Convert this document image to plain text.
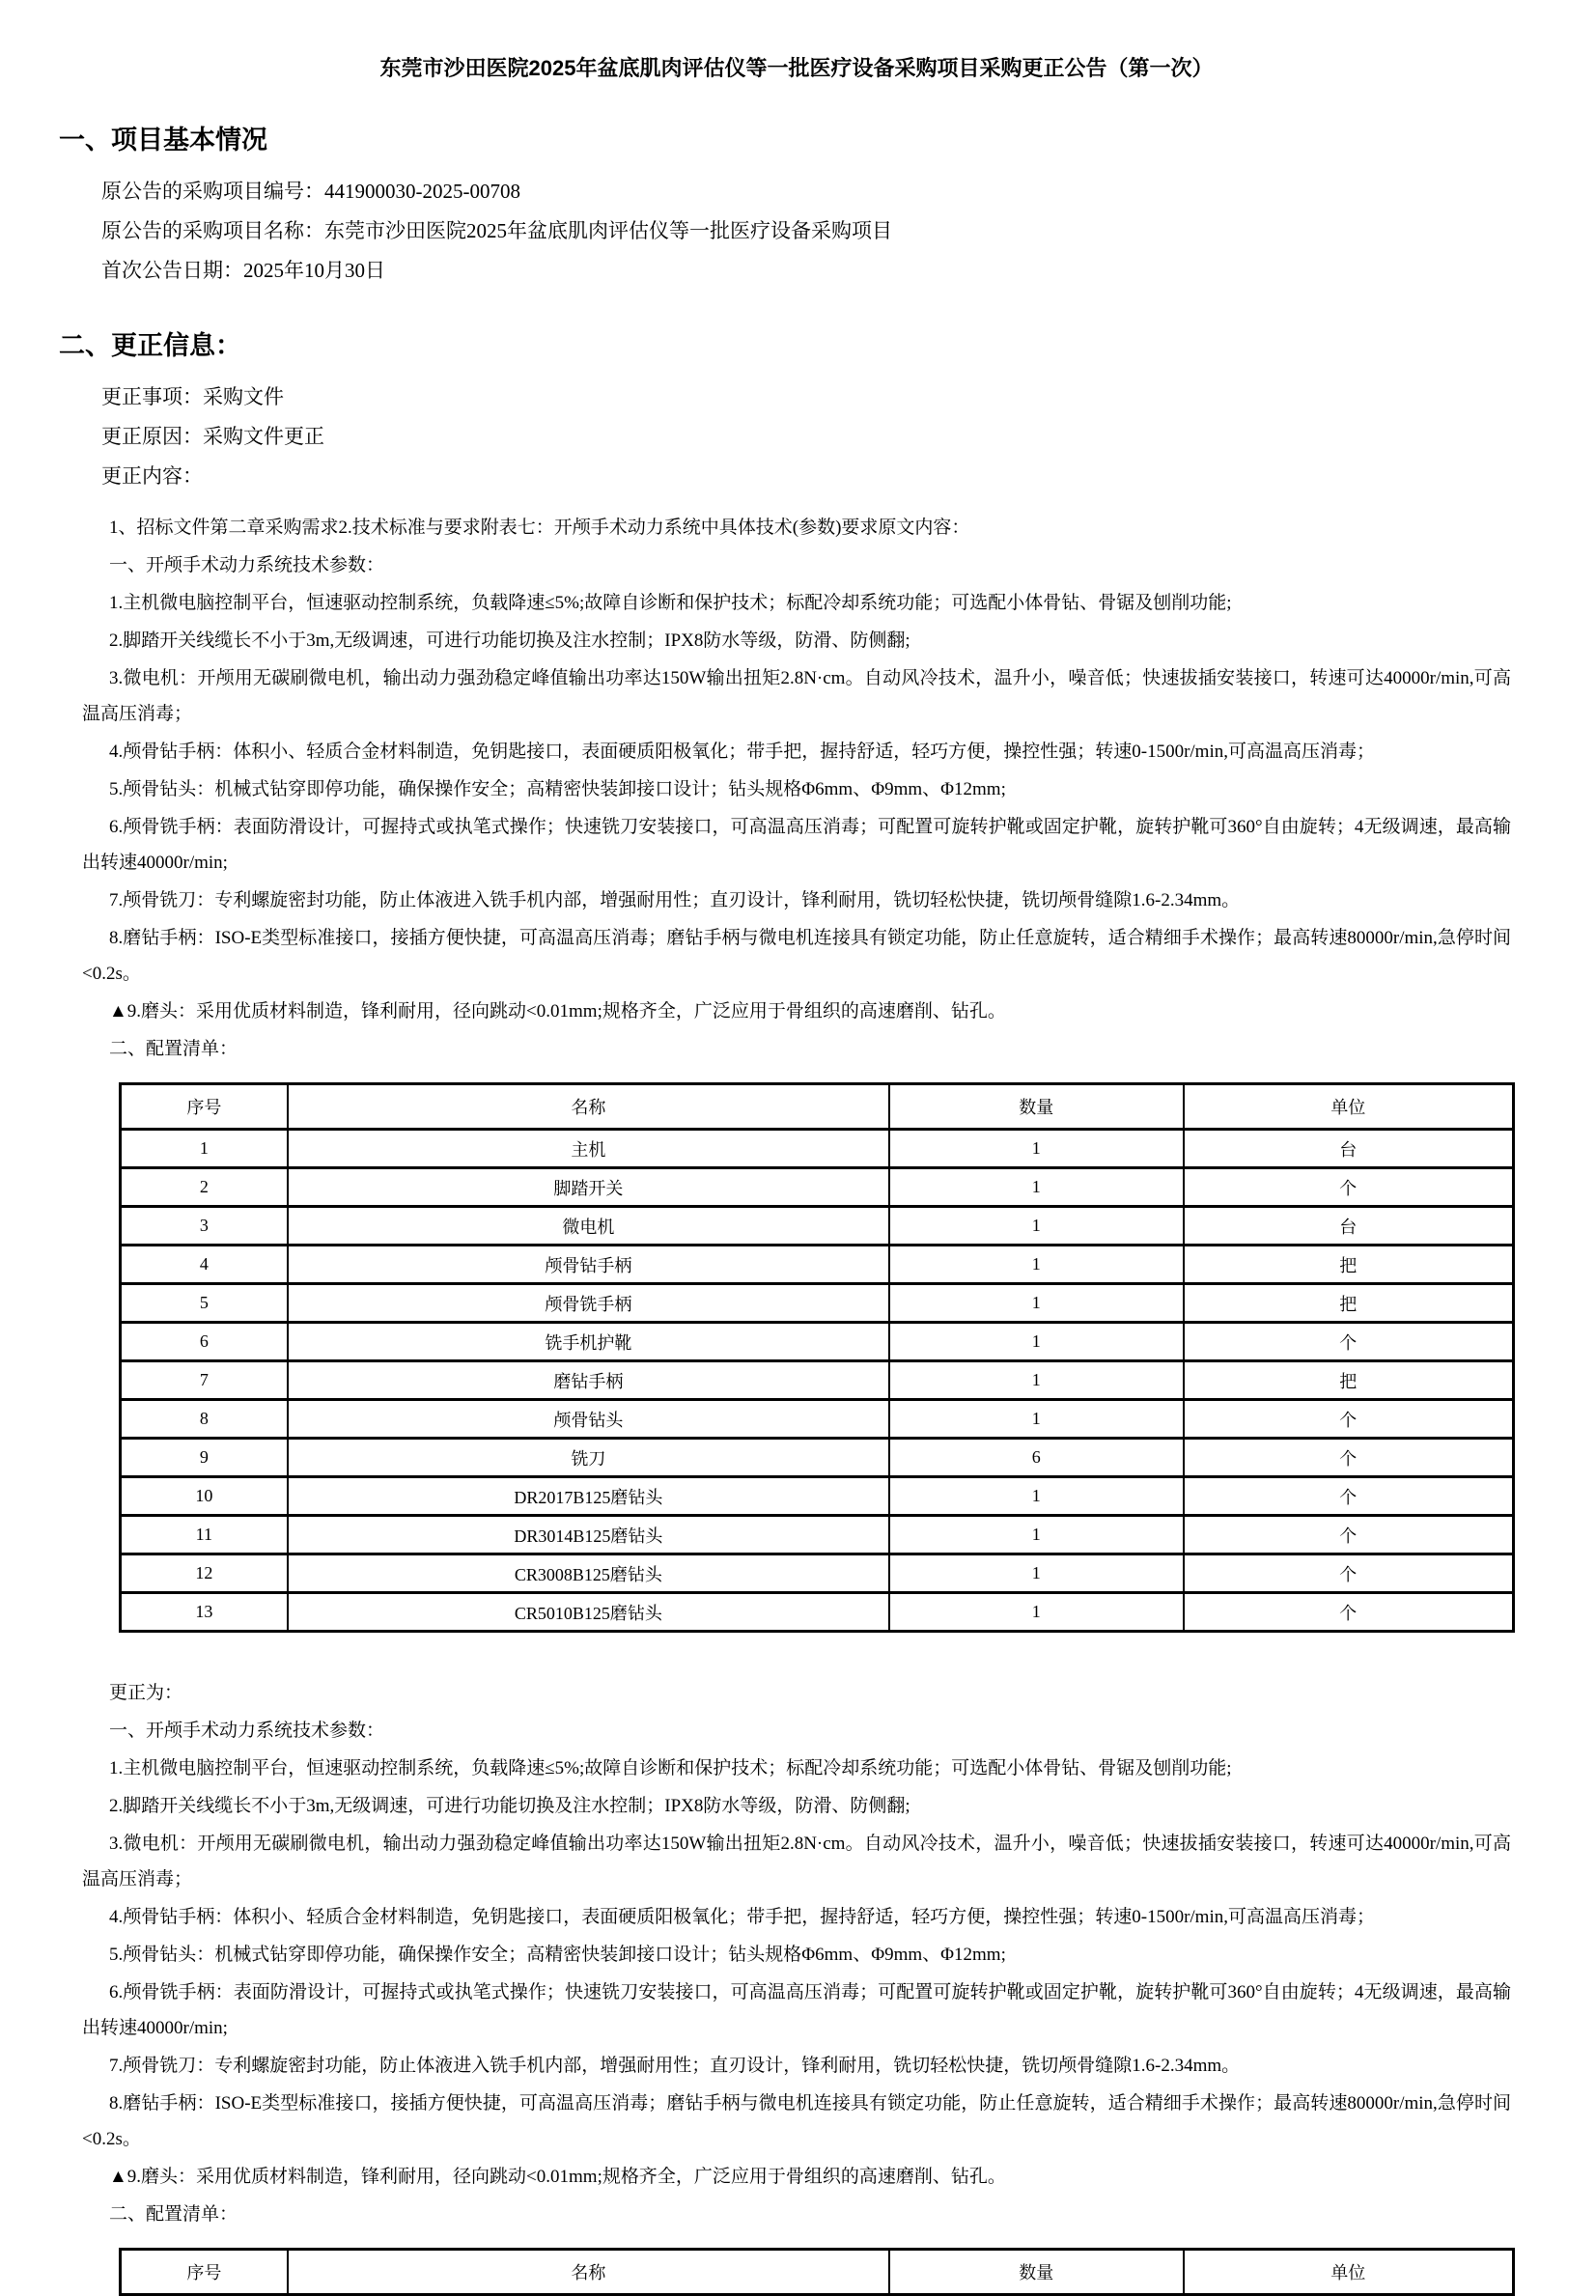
东莞市沙田医院2025年盆底肌肉评估仪等一批医疗设备采购项目采购更正公告（第一次）
一、项目基本情况

原公告的采购项目编号：441900030-2025-00708

原公告的采购项目名称：东莞市沙田医院2025年盆底肌肉评估仪等一批医疗设备采购项目

首次公告日期：2025年10月30日

二、更正信息：

更正事项：采购文件

更正原因：采购文件更正

更正内容：

1、招标文件第二章采购需求2.技术标准与要求附表七：开颅手术动力系统中具体技术(参数)要求原文内容：

一、开颅手术动力系统技术参数：

1.主机微电脑控制平台，恒速驱动控制系统，负载降速≤5%;故障自诊断和保护技术；标配冷却系统功能；可选配小体骨钻、骨锯及刨削功能;

2.脚踏开关线缆长不小于3m,无级调速，可进行功能切换及注水控制；IPX8防水等级，防滑、防侧翻;

3.微电机：开颅用无碳刷微电机，输出动力强劲稳定峰值输出功率达150W输出扭矩2.8N·cm。自动风冷技术，温升小，噪音低；快速拔插安装接口，转速可达40000r/min,可高温高压消毒；

4.颅骨钻手柄：体积小、轻质合金材料制造，免钥匙接口，表面硬质阳极氧化；带手把，握持舒适，轻巧方便，操控性强；转速0-1500r/min,可高温高压消毒；

5.颅骨钻头：机械式钻穿即停功能，确保操作安全；高精密快装卸接口设计；钻头规格Φ6mm、Φ9mm、Φ12mm;

6.颅骨铣手柄：表面防滑设计，可握持式或执笔式操作；快速铣刀安装接口，可高温高压消毒；可配置可旋转护靴或固定护靴，旋转护靴可360°自由旋转；4无级调速，最高输出转速40000r/min;

7.颅骨铣刀：专利螺旋密封功能，防止体液进入铣手机内部，增强耐用性；直刃设计，锋利耐用，铣切轻松快捷，铣切颅骨缝隙1.6-2.34mm。

8.磨钻手柄：ISO-E类型标准接口，接插方便快捷，可高温高压消毒；磨钻手柄与微电机连接具有锁定功能，防止任意旋转，适合精细手术操作；最高转速80000r/min,急停时间<0.2s。

▲9.磨头：采用优质材料制造，锋利耐用，径向跳动<0.01mm;规格齐全，广泛应用于骨组织的高速磨削、钻孔。

二、配置清单：

序号	名称	数量	单位
1	主机	1	台
2	脚踏开关	1	个
3	微电机	1	台
4	颅骨钻手柄	1	把
5	颅骨铣手柄	1	把
6	铣手机护靴	1	个
7	磨钻手柄	1	把
8	颅骨钻头	1	个
9	铣刀	6	个
10	DR2017B125磨钻头	1	个
11	DR3014B125磨钻头	1	个
12	CR3008B125磨钻头	1	个
13	CR5010B125磨钻头	1	个

更正为：

一、开颅手术动力系统技术参数：

1.主机微电脑控制平台，恒速驱动控制系统，负载降速≤5%;故障自诊断和保护技术；标配冷却系统功能；可选配小体骨钻、骨锯及刨削功能;

2.脚踏开关线缆长不小于3m,无级调速，可进行功能切换及注水控制；IPX8防水等级，防滑、防侧翻;

3.微电机：开颅用无碳刷微电机，输出动力强劲稳定峰值输出功率达150W输出扭矩2.8N·cm。自动风冷技术，温升小，噪音低；快速拔插安装接口，转速可达40000r/min,可高温高压消毒；

4.颅骨钻手柄：体积小、轻质合金材料制造，免钥匙接口，表面硬质阳极氧化；带手把，握持舒适，轻巧方便，操控性强；转速0-1500r/min,可高温高压消毒；

5.颅骨钻头：机械式钻穿即停功能，确保操作安全；高精密快装卸接口设计；钻头规格Φ6mm、Φ9mm、Φ12mm;

6.颅骨铣手柄：表面防滑设计，可握持式或执笔式操作；快速铣刀安装接口，可高温高压消毒；可配置可旋转护靴或固定护靴，旋转护靴可360°自由旋转；4无级调速，最高输出转速40000r/min;

7.颅骨铣刀：专利螺旋密封功能，防止体液进入铣手机内部，增强耐用性；直刃设计，锋利耐用，铣切轻松快捷，铣切颅骨缝隙1.6-2.34mm。

8.磨钻手柄：ISO-E类型标准接口，接插方便快捷，可高温高压消毒；磨钻手柄与微电机连接具有锁定功能，防止任意旋转，适合精细手术操作；最高转速80000r/min,急停时间<0.2s。

▲9.磨头：采用优质材料制造，锋利耐用，径向跳动<0.01mm;规格齐全，广泛应用于骨组织的高速磨削、钻孔。

二、配置清单：

序号	名称	数量	单位
